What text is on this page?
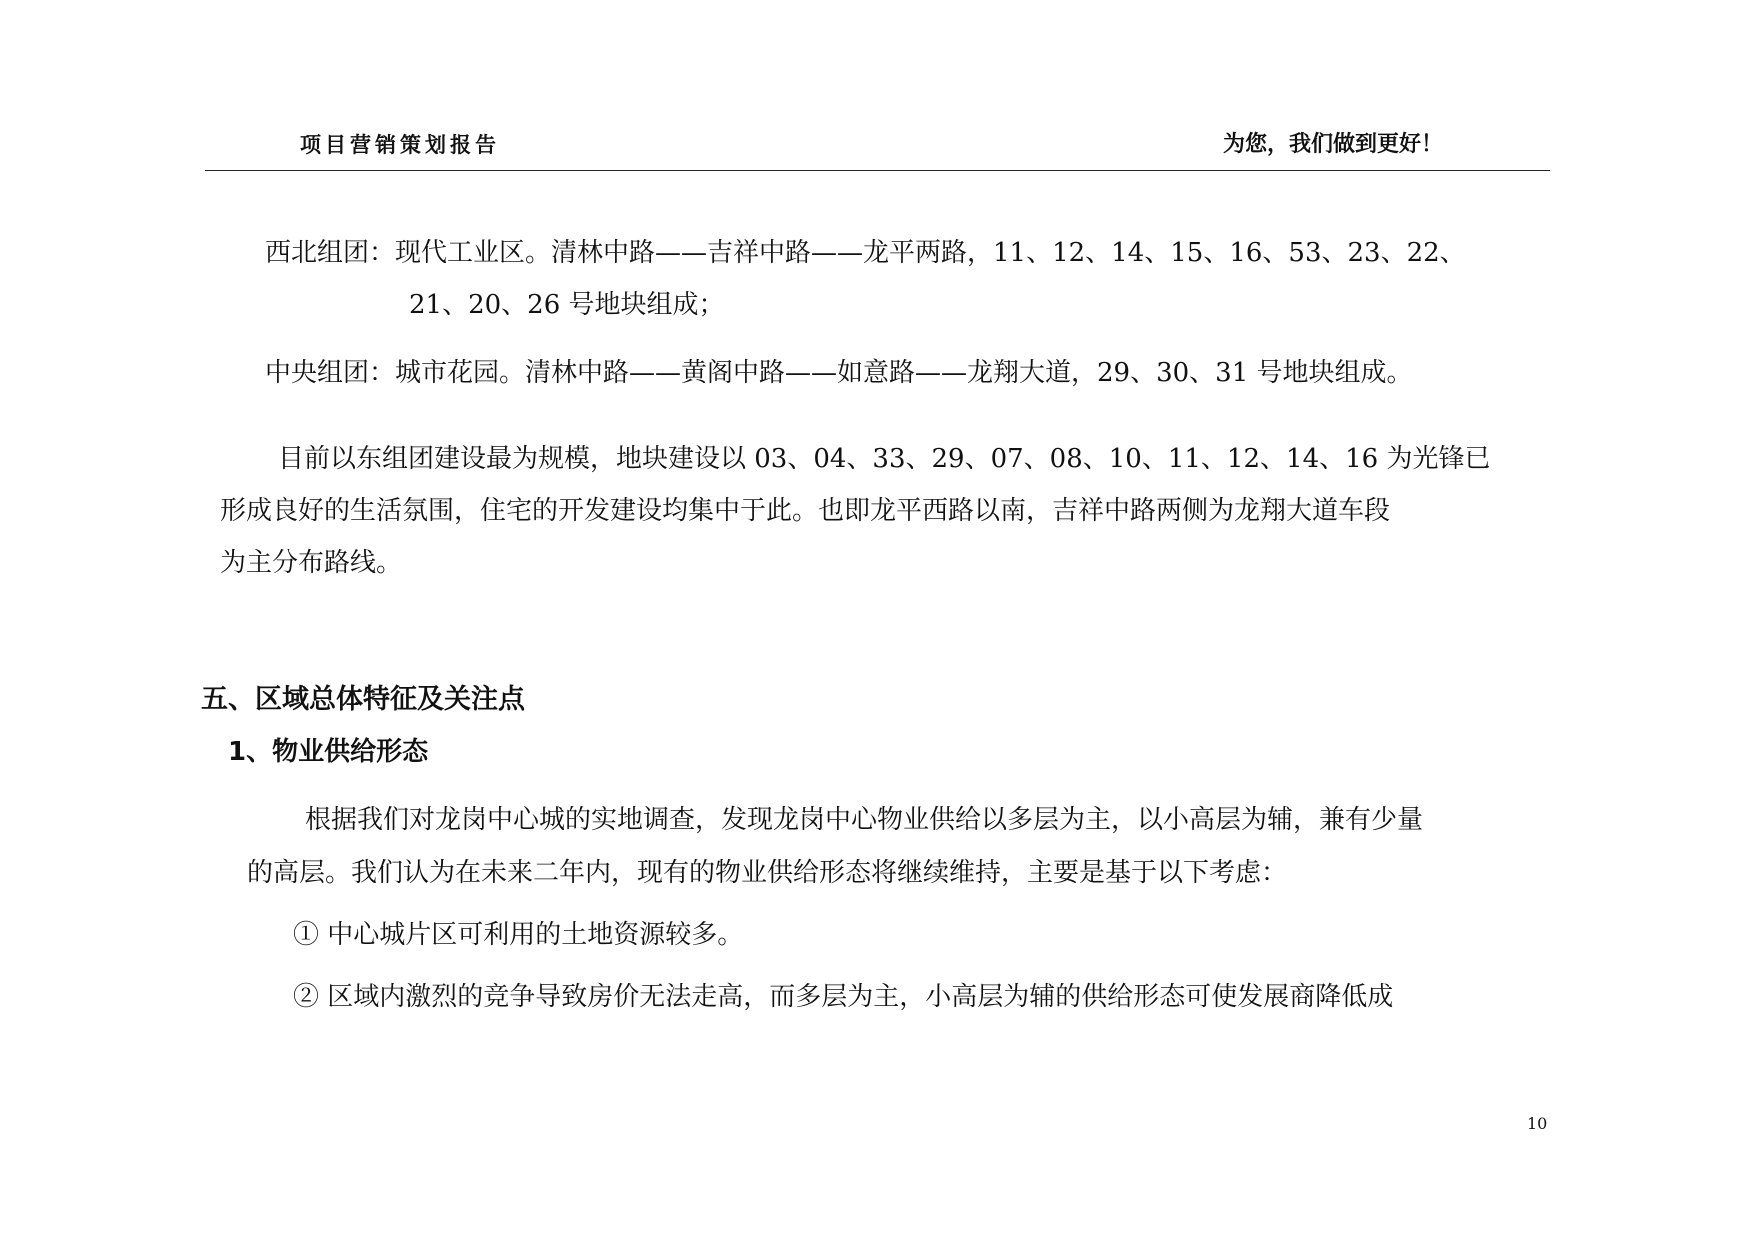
项目营销策划报告	为您，我们做到更好！
西北组团：现代工业区。清林中路——吉祥中路——龙平两路，11、12、14、15、16、53、23、22、
21、20、26 号地块组成；
中央组团：城市花园。清林中路——黄阁中路——如意路——龙翔大道，29、30、31 号地块组成。
目前以东组团建设最为规模，地块建设以 03、04、33、29、07、08、10、11、12、14、16 为光锋已
形成良好的生活氛围，住宅的开发建设均集中于此。也即龙平西路以南，吉祥中路两侧为龙翔大道车段
为主分布路线。
五、区域总体特征及关注点
1、物业供给形态
根据我们对龙岗中心城的实地调查，发现龙岗中心物业供给以多层为主，以小高层为辅，兼有少量
的高层。我们认为在未来二年内，现有的物业供给形态将继续维持，主要是基于以下考虑：
① 中心城片区可利用的土地资源较多。
② 区域内激烈的竞争导致房价无法走高，而多层为主，小高层为辅的供给形态可使发展商降低成
10
